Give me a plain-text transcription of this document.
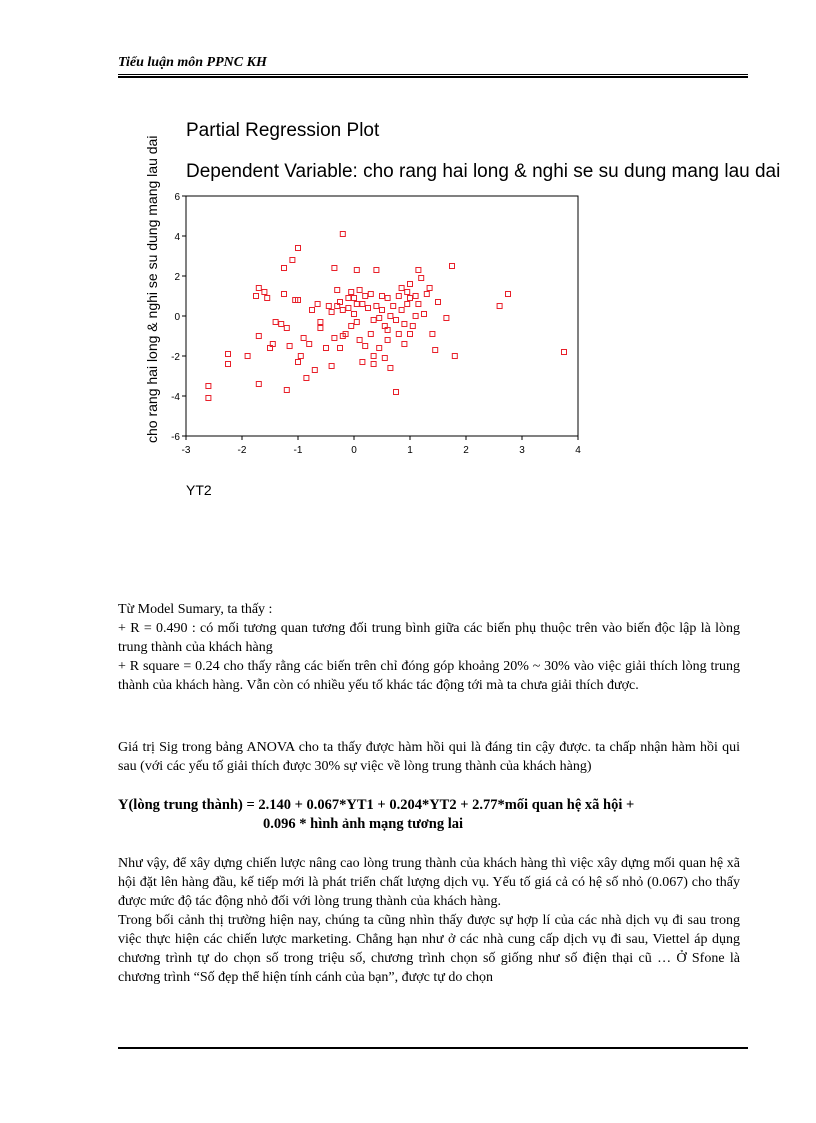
Tiểu luận môn PPNC KH
Partial Regression Plot
Dependent Variable: cho rang hai long & nghi se su dung mang lau dai
cho rang hai long & nghi se su dung mang lau dai
YT2
-3	-2	-1	0	1	2	3	4
6
4
2
0
-2
-4
-6

Từ Model Sumary, ta thấy :

+ R = 0.490 : có mối tương quan tương đối trung bình giữa các biến phụ thuộc trên vào biến độc lập là lòng trung thành của khách hàng

+ R square = 0.24 cho thấy rằng các biến trên chỉ đóng góp khoảng 20% ~ 30% vào việc giải thích lòng trung thành của khách hàng. Vẫn còn có nhiều yếu tố khác tác động tới mà ta chưa giải thích được.

Giá trị Sig trong bảng ANOVA cho ta thấy được hàm hồi qui là đáng tin cậy được. ta chấp nhận hàm hồi qui sau (với các yếu tố giải thích được 30% sự việc về lòng trung thành của khách hàng)

Y(lòng trung thành) = 2.140 + 0.067*YT1 + 0.204*YT2 + 2.77*mối quan hệ xã hội +
0.096 * hình ảnh mạng tương lai

Như vậy, để xây dựng chiến lược nâng cao lòng trung thành của khách hàng thì việc xây dựng mối quan hệ xã hội đặt lên hàng đầu, kế tiếp mới là phát triển chất lượng dịch vụ. Yếu tố giá cả có hệ số nhỏ (0.067) cho thấy được mức độ tác động nhỏ đối với lòng trung thành của khách hàng.

Trong bối cảnh thị trường hiện nay, chúng ta cũng nhìn thấy được sự hợp lí của các nhà dịch vụ đi sau trong việc thực hiện các chiến lược marketing. Chẳng hạn như ở các nhà cung cấp dịch vụ đi sau, Viettel áp dụng chương trình tự do chọn số trong triệu số, chương trình chọn số giống như số điện thại cũ … Ở Sfone là chương trình “Số đẹp thể hiện tính cánh của bạn”, được tự do chọn
